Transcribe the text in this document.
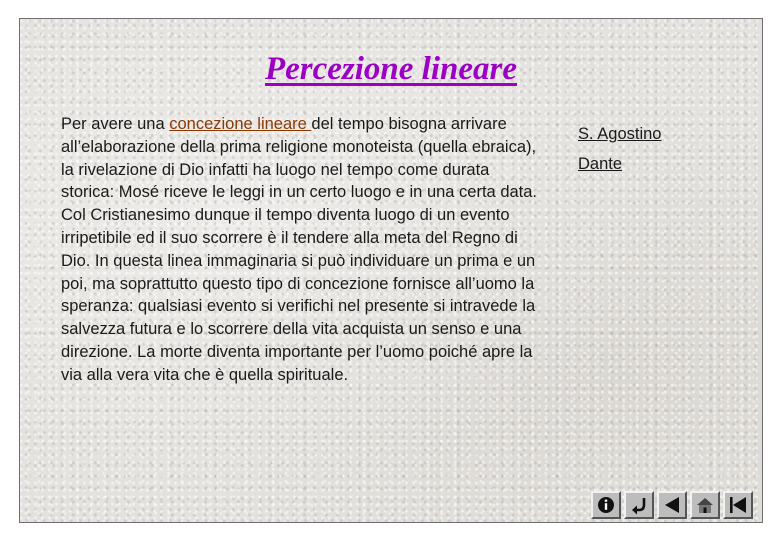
Percezione lineare

Per avere una concezione lineare del tempo bisogna arrivare all’elaborazione della prima religione monoteista (quella ebraica), la rivelazione di Dio infatti ha luogo nel tempo come durata storica: Mosé riceve le leggi in un certo luogo e in una certa data. Col Cristianesimo dunque il tempo diventa luogo di un evento irripetibile ed il suo scorrere è il tendere alla meta del Regno di Dio. In questa linea immaginaria si può individuare un prima e un poi, ma soprattutto questo tipo di concezione fornisce all’uomo la speranza: qualsiasi evento si verifichi nel presente si intravede la salvezza futura e lo scorrere della vita acquista un senso e una direzione. La morte diventa importante per l’uomo poiché apre la via alla vera vita che è quella spirituale.

S. Agostino
Dante
